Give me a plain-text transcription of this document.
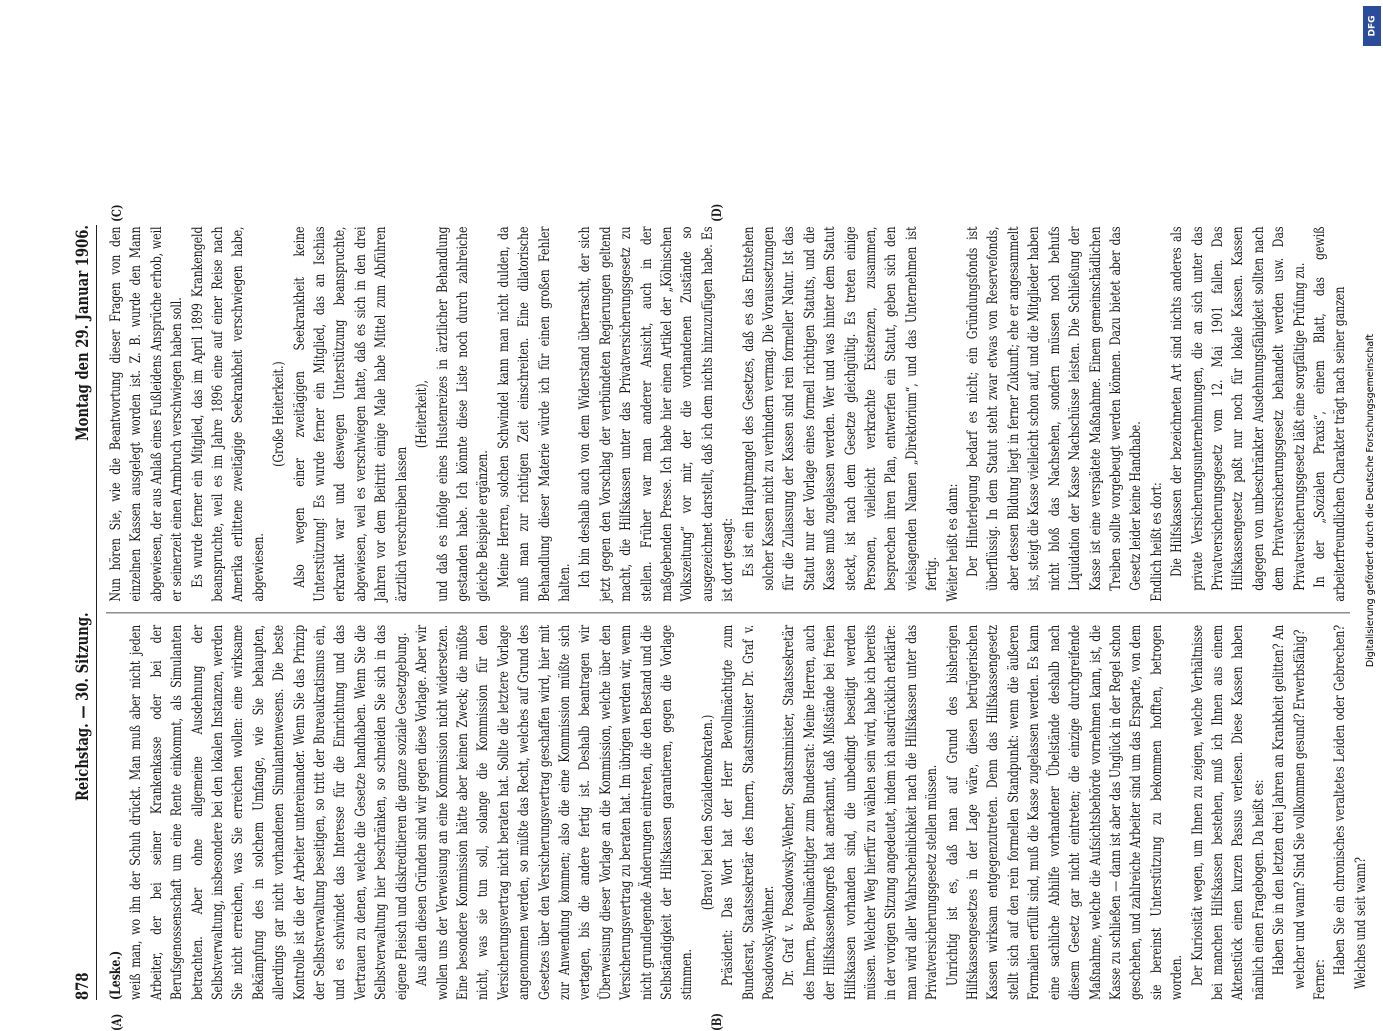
878
Reichstag. — 30. Sitzung.
Montag den 29. Januar 1906.

(Leske.) weiß man, wo ihn der Schuh drückt. Man muß aber nicht jeden Arbeiter, der bei seiner Krankenkasse oder bei der Berufsgenossenschaft um eine Rente einkommt, als Simulanten betrachten. Aber ohne allgemeine Ausdehnung der Selbstverwaltung, insbesondere bei den lokalen Instanzen, werden Sie nicht erreichen, was Sie erreichen wollen: eine wirksame Bekämpfung des in solchem Umfange, wie Sie behaupten, allerdings gar nicht vorhandenen Simulantenwesens. Die beste Kontrolle ist die der Arbeiter untereinander. Wenn Sie das Prinzip der Selbstverwaltung beseitigen, so tritt der Bureaukratismus ein, und es schwindet das Interesse für die Einrichtung und das Vertrauen zu denen, welche die Gesetze handhaben. Wenn Sie die Selbstverwaltung hier beschränken, so schneiden Sie sich in das eigene Fleisch und diskreditieren die ganze soziale Gesetzgebung. Aus allen diesen Gründen sind wir gegen diese Vorlage. Aber wir wollen uns der Verweisung an eine Kommission nicht widersetzen. Eine besondere Kommission hätte aber keinen Zweck; die müßte nicht, was sie tun soll, solange die Kommission für den Versicherungsvertrag nicht beraten hat. Sollte die letztere Vorlage angenommen werden, so müßte das Recht, welches auf Grund des Gesetzes über den Versicherungsvertrag geschaffen wird, hier mit zur Anwendung kommen; also die eine Kommission müßte sich vertagen, bis die andere fertig ist. Deshalb beantragen wir Überweisung dieser Vorlage an die Kommission, welche über den Versicherungsvertrag zu beraten hat. Im übrigen werden wir, wenn nicht grundlegende Änderungen eintreten, die den Bestand und die Selbständigkeit der Hilfskassen garantieren, gegen die Vorlage stimmen.

(Bravo! bei den Sozialdemokraten.) Präsident: Das Wort hat der Herr Bevollmächtigte zum Bundesrat, Staatssekretär des Innern, Staatsminister Dr. Graf v. Posadowsky-Wehner. Dr. Graf v. Posadowsky-Wehner, Staatsminister, Staatssekretär des Innern, Bevollmächtigter zum Bundesrat: Meine Herren, auch der Hilfskassenkongreß hat anerkannt, daß Mißstände bei freien Hilfskassen vorhanden sind, die unbedingt beseitigt werden müssen. Welcher Weg hierfür zu wählen sein wird, habe ich bereits in der vorigen Sitzung angedeutet, indem ich ausdrücklich erklärte: man wird aller Wahrscheinlichkeit nach die Hilfskassen unter das Privatversicherungsgesetz stellen müssen. Unrichtig ist es, daß man auf Grund des bisherigen Hilfskassengesetzes in der Lage wäre, diesen betrügerischen Kassen wirksam entgegenzutreten. Denn das Hilfskassengesetz stellt sich auf den rein formellen Standpunkt: wenn die äußeren Formalien erfüllt sind, muß die Kasse zugelassen werden. Es kann eine sachliche Abhilfe vorhandener Übelstände deshalb nach diesem Gesetz gar nicht eintreten; die einzige durchgreifende Maßnahme, welche die Aufsichtsbehörde vornehmen kann, ist, die Kasse zu schließen — dann ist aber das Unglück in der Regel schon geschehen, und zahlreiche Arbeiter sind um das Ersparte, von dem sie bereinst Unterstützung zu bekommen hofften, betrogen worden. Der Kuriosität wegen, um Ihnen zu zeigen, welche Verhältnisse bei manchen Hilfskassen bestehen, muß ich Ihnen aus einem Aktenstück einen kurzen Passus verlesen. Diese Kassen haben nämlich einen Fragebogen. Da heißt es: Haben Sie in den letzten drei Jahren an Krankheit gelitten? An welcher und wann? Sind Sie vollkommen gesund? Erwerbsfähig? Ferner:

Haben Sie ein chronisches veraltetes Leiden oder Gebrechen? Welches und seit wann?

Nun hören Sie, wie die Beantwortung dieser Fragen von den einzelnen Kassen ausgelegt worden ist. Z. B. wurde den Mann abgewiesen, der aus Anlaß eines Fußleidens Ansprüche erhob, weil er seinerzeit einen Armbruch verschwiegen haben soll. Es wurde ferner ein Mitglied, das im April 1899 Krankengeld beanspruchte, weil es im Jahre 1896 eine auf einer Reise nach Amerika erlittene zweitägige Seekrankheit verschwiegen habe, abgewiesen.

(Große Heiterkeit.) Also wegen einer zweitägigen Seekrankheit keine Unterstützung! Es wurde ferner ein Mitglied, das an Ischias erkrankt war und deswegen Unterstützung beanspruchte, abgewiesen, weil es verschwiegen hatte, daß es sich in den drei Jahren vor dem Beitritt einige Male habe Mittel zum Abführen ärztlich verschreiben lassen

(Heiterkeit), und daß es infolge eines Hustenreizes in ärztlicher Behandlung gestanden habe. Ich könnte diese Liste noch durch zahlreiche gleiche Beispiele ergänzen. Meine Herren, solchen Schwindel kann man nicht dulden, da muß man zur richtigen Zeit einschreiten. Eine dilatorische Behandlung dieser Materie würde ich für einen großen Fehler halten. Ich bin deshalb auch von dem Widerstand überrascht, der sich jetzt gegen den Vorschlag der verbündeten Regierungen geltend macht, die Hilfskassen unter das Privatversicherungsgesetz zu stellen. Früher war man anderer Ansicht, auch in der maßgebenden Presse. Ich habe hier einen Artikel der „Kölnischen Volkszeitung“ vor mir, der die vorhandenen Zustände so ausgezeichnet darstellt, daß ich dem nichts hinzuzufügen habe. Es ist dort gesagt: Es ist ein Hauptmangel des Gesetzes, daß es das Entstehen solcher Kassen nicht zu verhindern vermag. Die Voraussetzungen für die Zulassung der Kassen sind rein formeller Natur. Ist das Statut nur der Vorlage eines formell richtigen Statuts, und die Kasse muß zugelassen werden. Wer und was hinter dem Statut steckt, ist nach dem Gesetze gleichgültig. Es treten einige Personen, vielleicht verkrachte Existenzen, zusammen, besprechen ihren Plan, entwerfen ein Statut, geben sich den vielsagenden Namen „Direktorium“, und das Unternehmen ist fertig. Weiter heißt es dann: Der Hinterlegung bedarf es nicht; ein Gründungsfonds ist überflüssig. In dem Statut steht zwar etwas von Reservefonds, aber dessen Bildung liegt in ferner Zukunft; ehe er angesammelt ist, steigt die Kasse vielleicht schon auf, und die Mitglieder haben nicht bloß das Nachsehen, sondern müssen noch behufs Liquidation der Kasse Nachschüsse leisten. Die Schließung der Kasse ist eine verspätete Maßnahme. Einem gemeinschädlichen Treiben sollte vorgebeugt werden können. Dazu bietet aber das Gesetz leider keine Handhabe. Endlich heißt es dort: Die Hilfskassen der bezeichneten Art sind nichts anderes als private Versicherungsunternehmungen, die an sich unter das Privatversicherungsgesetz vom 12. Mai 1901 fallen. Das Hilfskassengesetz paßt nur noch für lokale Kassen. Kassen dagegen von unbeschränkter Ausdehnungsfähigkeit sollten nach dem Privatversicherungsgesetz behandelt werden usw. Das Privatversicherungsgesetz läßt eine sorgfältige Prüfung zu. In der „Sozialen Praxis“, einem Blatt, das gewiß arbeiterfreundlichen Charakter trägt nach seiner ganzen

(A)	(B)
(C)	(D)
DFG
Digitalisierung gefördert durch die Deutsche Forschungsgemeinschaft
